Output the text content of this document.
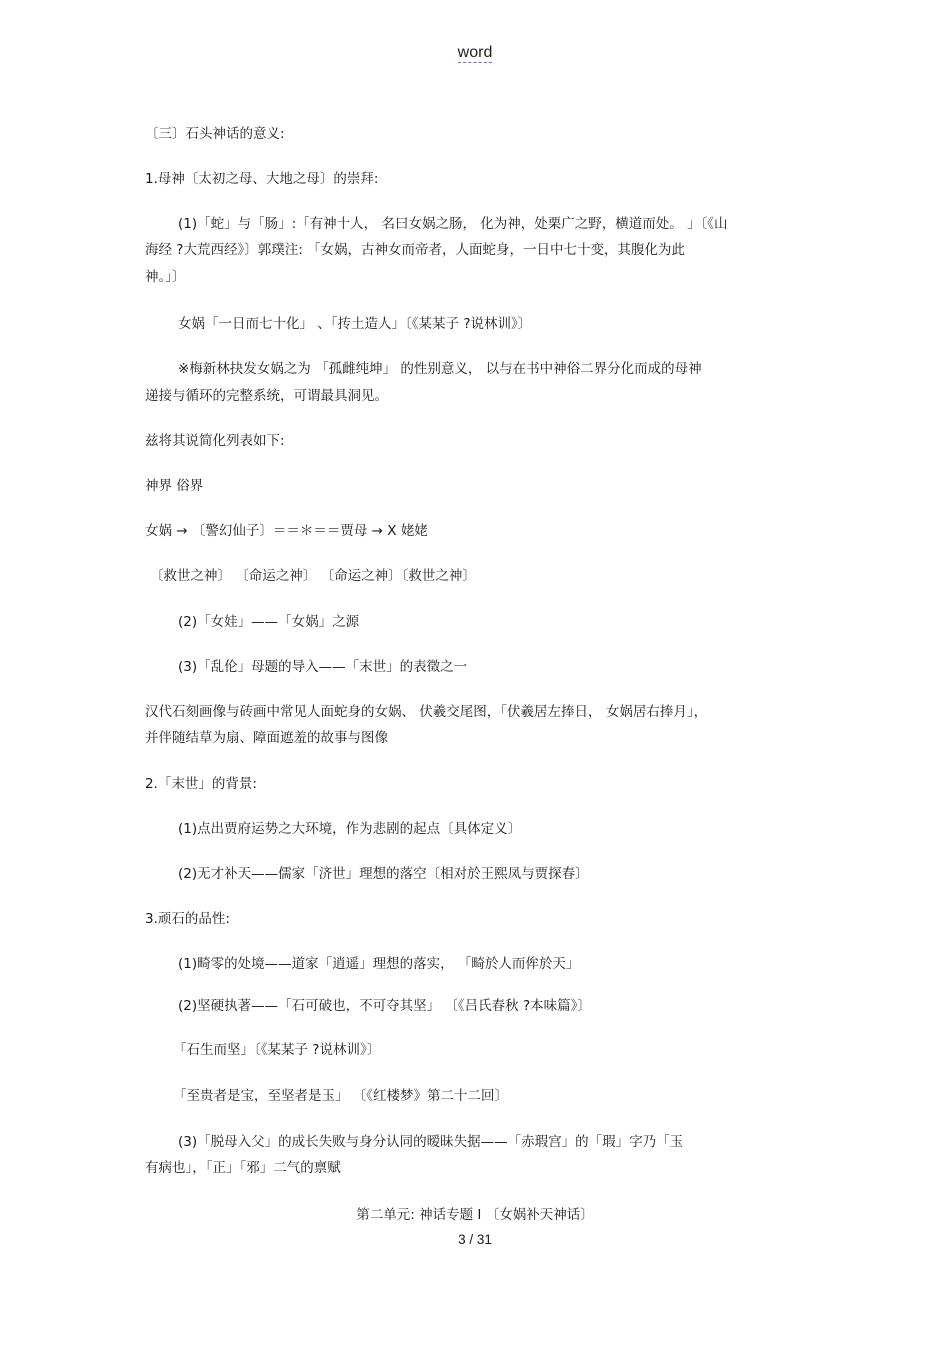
word

〔三〕石头神话的意义:

1.母神〔太初之母、大地之母〕的崇拜:

(1)「蛇」与「肠」:「有神十人， 名曰女娲之肠， 化为神，处栗广之野，横道而处。 」〔《山

海经 ?大荒西经》〕郭璞注: 「女娲，古神女而帝者，人面蛇身，一日中七十变，其腹化为此

神。」〕

女娲「一日而七十化」 、「抟土造人」〔《某某子 ?说林训》〕

※梅新林抉发女娲之为 「孤雌纯坤」 的性别意义， 以与在书中神俗二界分化而成的母神

递接与循环的完整系统，可谓最具洞见。

兹将其说简化列表如下:

神界 俗界

女娲 → 〔警幻仙子〕＝＝＊＝＝贾母 → X 姥姥

〔救世之神〕 〔命运之神〕 〔命运之神〕〔救世之神〕

(2)「女娃」——「女娲」之源

(3)「乱伦」母题的导入——「末世」的表徵之一

汉代石刻画像与砖画中常见人面蛇身的女娲、 伏羲交尾图，「伏羲居左捧日， 女娲居右捧月」，

并伴随结草为扇、障面遮羞的故事与图像

2.「末世」的背景:

(1)点出贾府运势之大环境，作为悲剧的起点〔具体定义〕

(2)无才补天——儒家「济世」理想的落空〔相对於王熙凤与贾探春〕

3.顽石的品性:

(1)畸零的处境——道家「逍遥」理想的落实， 「畸於人而侔於天」

(2)坚硬执著——「石可破也，不可夺其坚」 〔《吕氏春秋 ?本味篇》〕

「石生而坚」〔《某某子 ?说林训》〕

「至贵者是宝，至坚者是玉」 〔《红楼梦》第二十二回〕

(3)「脱母入父」的成长失败与身分认同的暧昧失据——「赤瑕宫」的「瑕」字乃「玉

有病也」，「正」「邪」二气的禀赋

第二单元: 神话专题 I 〔女娲补天神话〕
3 / 31
